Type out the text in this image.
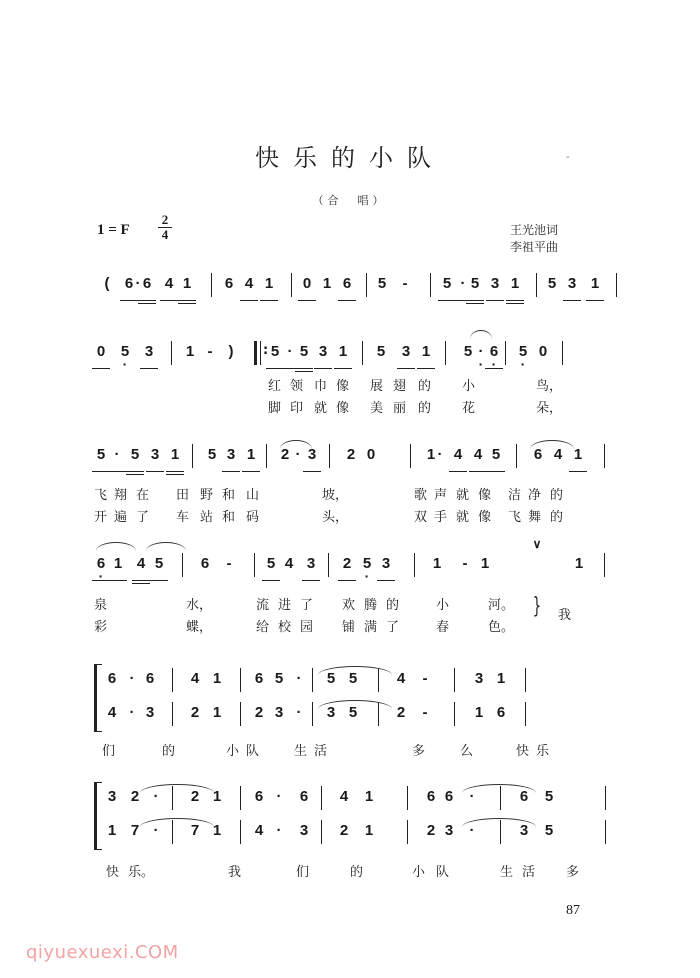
快乐的小队
（合　唱）
1 = F $\frac{2}{4}$	王光池词
李祖平曲
-
(	6 · 6 4 1 6 4 1 0 1 6 5	-	5 · 5 3 1 5 3 1
0 · 5 3 1 -	)	: 5 · 5 3 1 5 3 1 5 · · · 6 · 5 0
5 · 5 3 1 5 3 1 2 · 3 2 0	1 · 4 4 5 6 4 1
· 6 1 4 5	6	-	5 4 3 2 · 5 3	1	- 1
∨
1
红 领 巾 像 展 翅 的 小	鸟，
脚 印 就 像 美 丽 的 花	朵，
飞 翔 在 田 野 和 山	坡，	歌 声 就 像 洁 净 的
开 遍 了 车 站 和 码	头，	双 手 就 像 飞 舞 的
泉	水，	流 进 了 欢 腾 的	小	河。
彩	蝶，	给 校 园 铺 满 了	春	色。
} 我
6 · 6 4 1 6 5 ·	5 5	4	-	3 1
4 · 3 2 1 2 3 ·	3 5	2	-	1 6
们	的	小 队	生 活	多	么	快 乐
3 2 ·	2 1 6 ·	6 4 1	6 6	·	6 5
1 7 ·	7 1 4 ·	3 2 1	2 3	·	3 5
快 乐。	我	们	的	小 队	生 活 多
87
qiyuexuexi.COM
